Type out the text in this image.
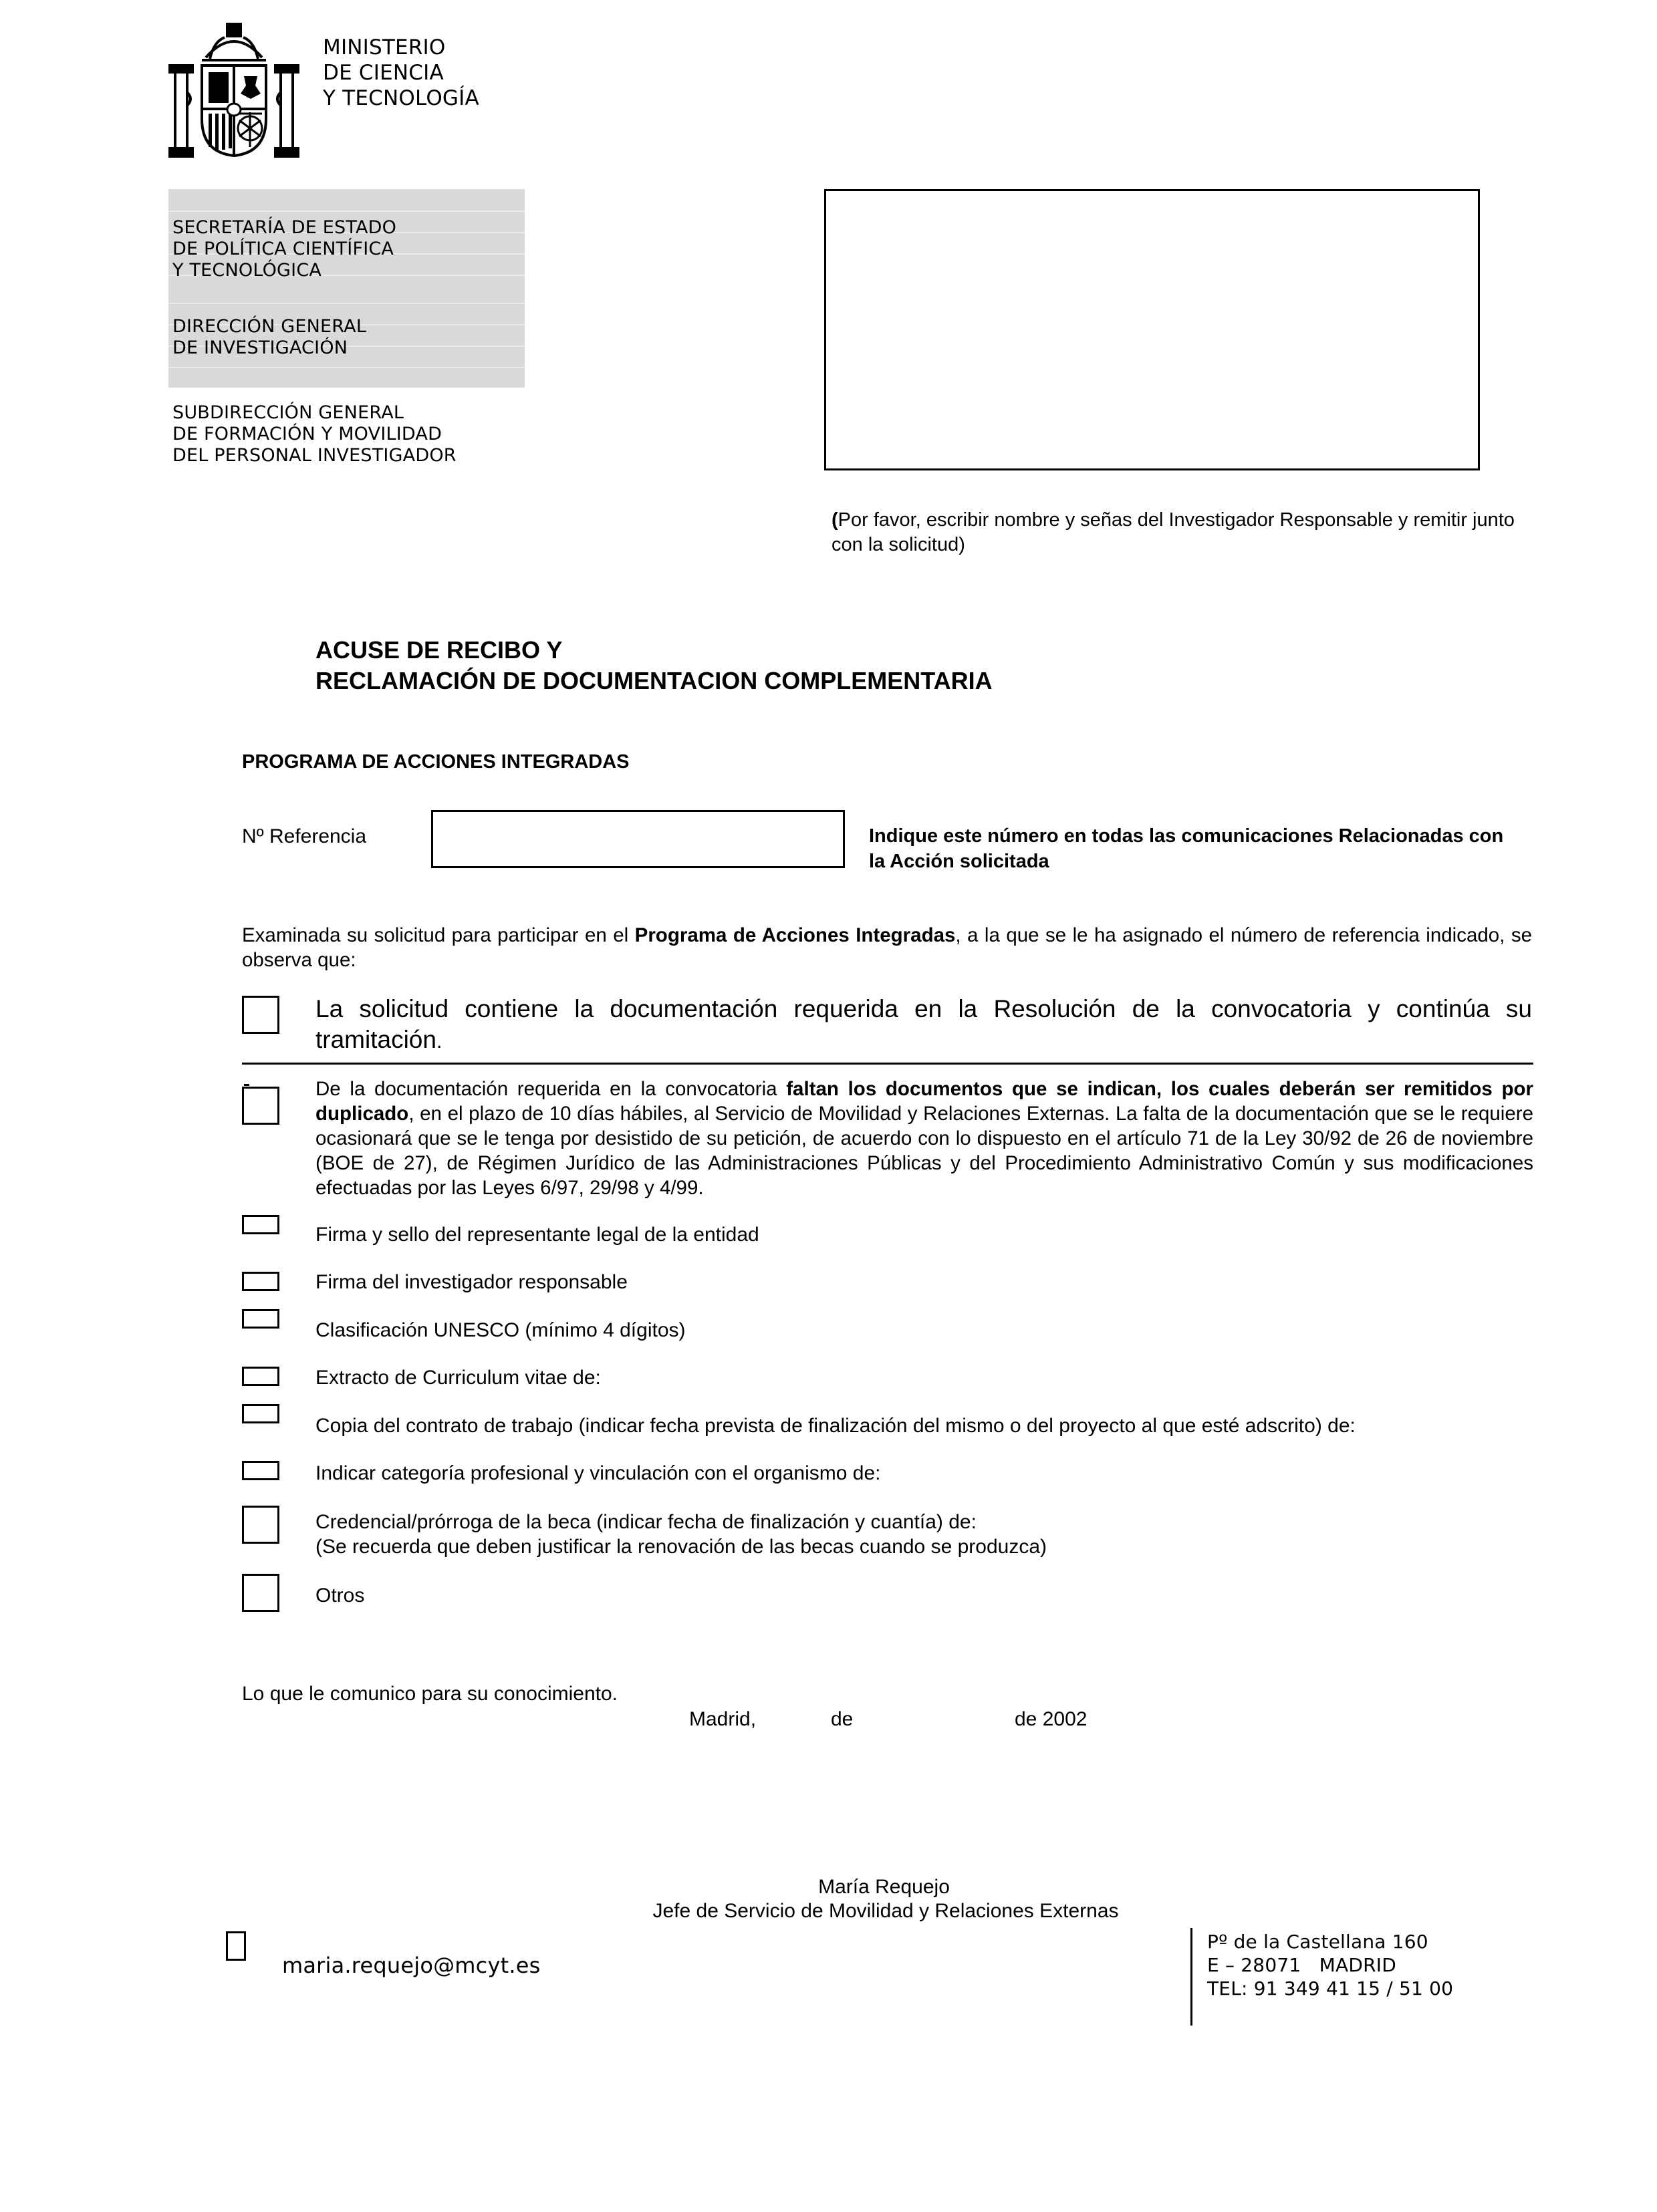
MINISTERIO
DE CIENCIA
Y TECNOLOGÍA
SECRETARÍA DE ESTADO
DE POLÍTICA CIENTÍFICA
Y TECNOLÓGICA
DIRECCIÓN GENERAL
DE INVESTIGACIÓN
SUBDIRECCIÓN GENERAL
DE FORMACIÓN Y MOVILIDAD
DEL PERSONAL INVESTIGADOR
(Por favor, escribir nombre y señas del Investigador Responsable y remitir junto con la solicitud)
ACUSE DE RECIBO Y
RECLAMACIÓN DE DOCUMENTACION COMPLEMENTARIA
PROGRAMA DE ACCIONES INTEGRADAS
Nº Referencia	Indique este número en todas las comunicaciones Relacionadas con la Acción solicitada
Examinada su solicitud para participar en el Programa de Acciones Integradas, a la que se le ha asignado el número de referencia indicado, se observa que:
La solicitud contiene la documentación requerida en la Resolución de la convocatoria y continúa su tramitación.
De la documentación requerida en la convocatoria faltan los documentos que se indican, los cuales deberán ser remitidos por duplicado, en el plazo de 10 días hábiles, al Servicio de Movilidad y Relaciones Externas. La falta de la documentación que se le requiere ocasionará que se le tenga por desistido de su petición, de acuerdo con lo dispuesto en el artículo 71 de la Ley 30/92 de 26 de noviembre (BOE de 27), de Régimen Jurídico de las Administraciones Públicas y del Procedimiento Administrativo Común y sus modificaciones efectuadas por las Leyes 6/97, 29/98 y 4/99.
Firma y sello del representante legal de la entidad
Firma del investigador responsable
Clasificación UNESCO (mínimo 4 dígitos)
Extracto de Curriculum vitae de:
Copia del contrato de trabajo (indicar fecha prevista de finalización del mismo o del proyecto al que esté adscrito) de:
Indicar categoría profesional y vinculación con el organismo de:
Credencial/prórroga de la beca (indicar fecha de finalización y cuantía) de:
(Se recuerda que deben justificar la renovación de las becas cuando se produzca)
Otros
Lo que le comunico para su conocimiento.
Madrid,	de	de 2002
María Requejo
Jefe de Servicio de Movilidad y Relaciones Externas
maria.requejo@mcyt.es
Pº de la Castellana 160
E – 28071   MADRID
TEL: 91 349 41 15 / 51 00
